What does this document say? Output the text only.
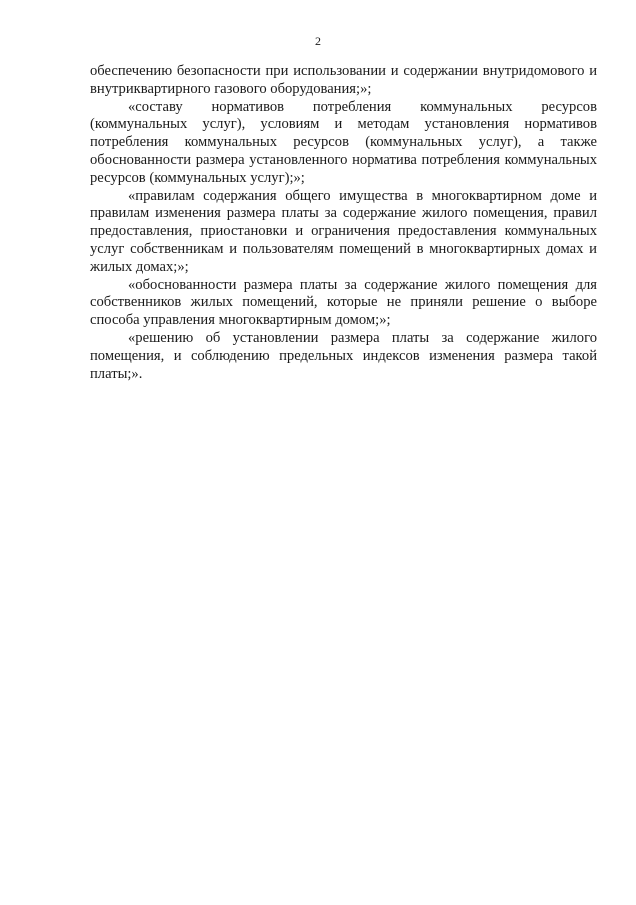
2

обеспечению безопасности при использовании и содержании внутридомового и внутриквартирного газового оборудования;»;

«составу нормативов потребления коммунальных ресурсов (коммунальных услуг), условиям и методам установления нормативов потребления коммунальных ресурсов (коммунальных услуг), а также обоснованности размера установленного норматива потребления коммунальных ресурсов (коммунальных услуг);»;

«правилам содержания общего имущества в многоквартирном доме и правилам изменения размера платы за содержание жилого помещения, правил предоставления, приостановки и ограничения предоставления коммунальных услуг собственникам и пользователям помещений в многоквартирных домах и жилых домах;»;

«обоснованности размера платы за содержание жилого помещения для собственников жилых помещений, которые не приняли решение о выборе способа управления многоквартирным домом;»;

«решению об установлении размера платы за содержание жилого помещения, и соблюдению предельных индексов изменения размера такой платы;».
